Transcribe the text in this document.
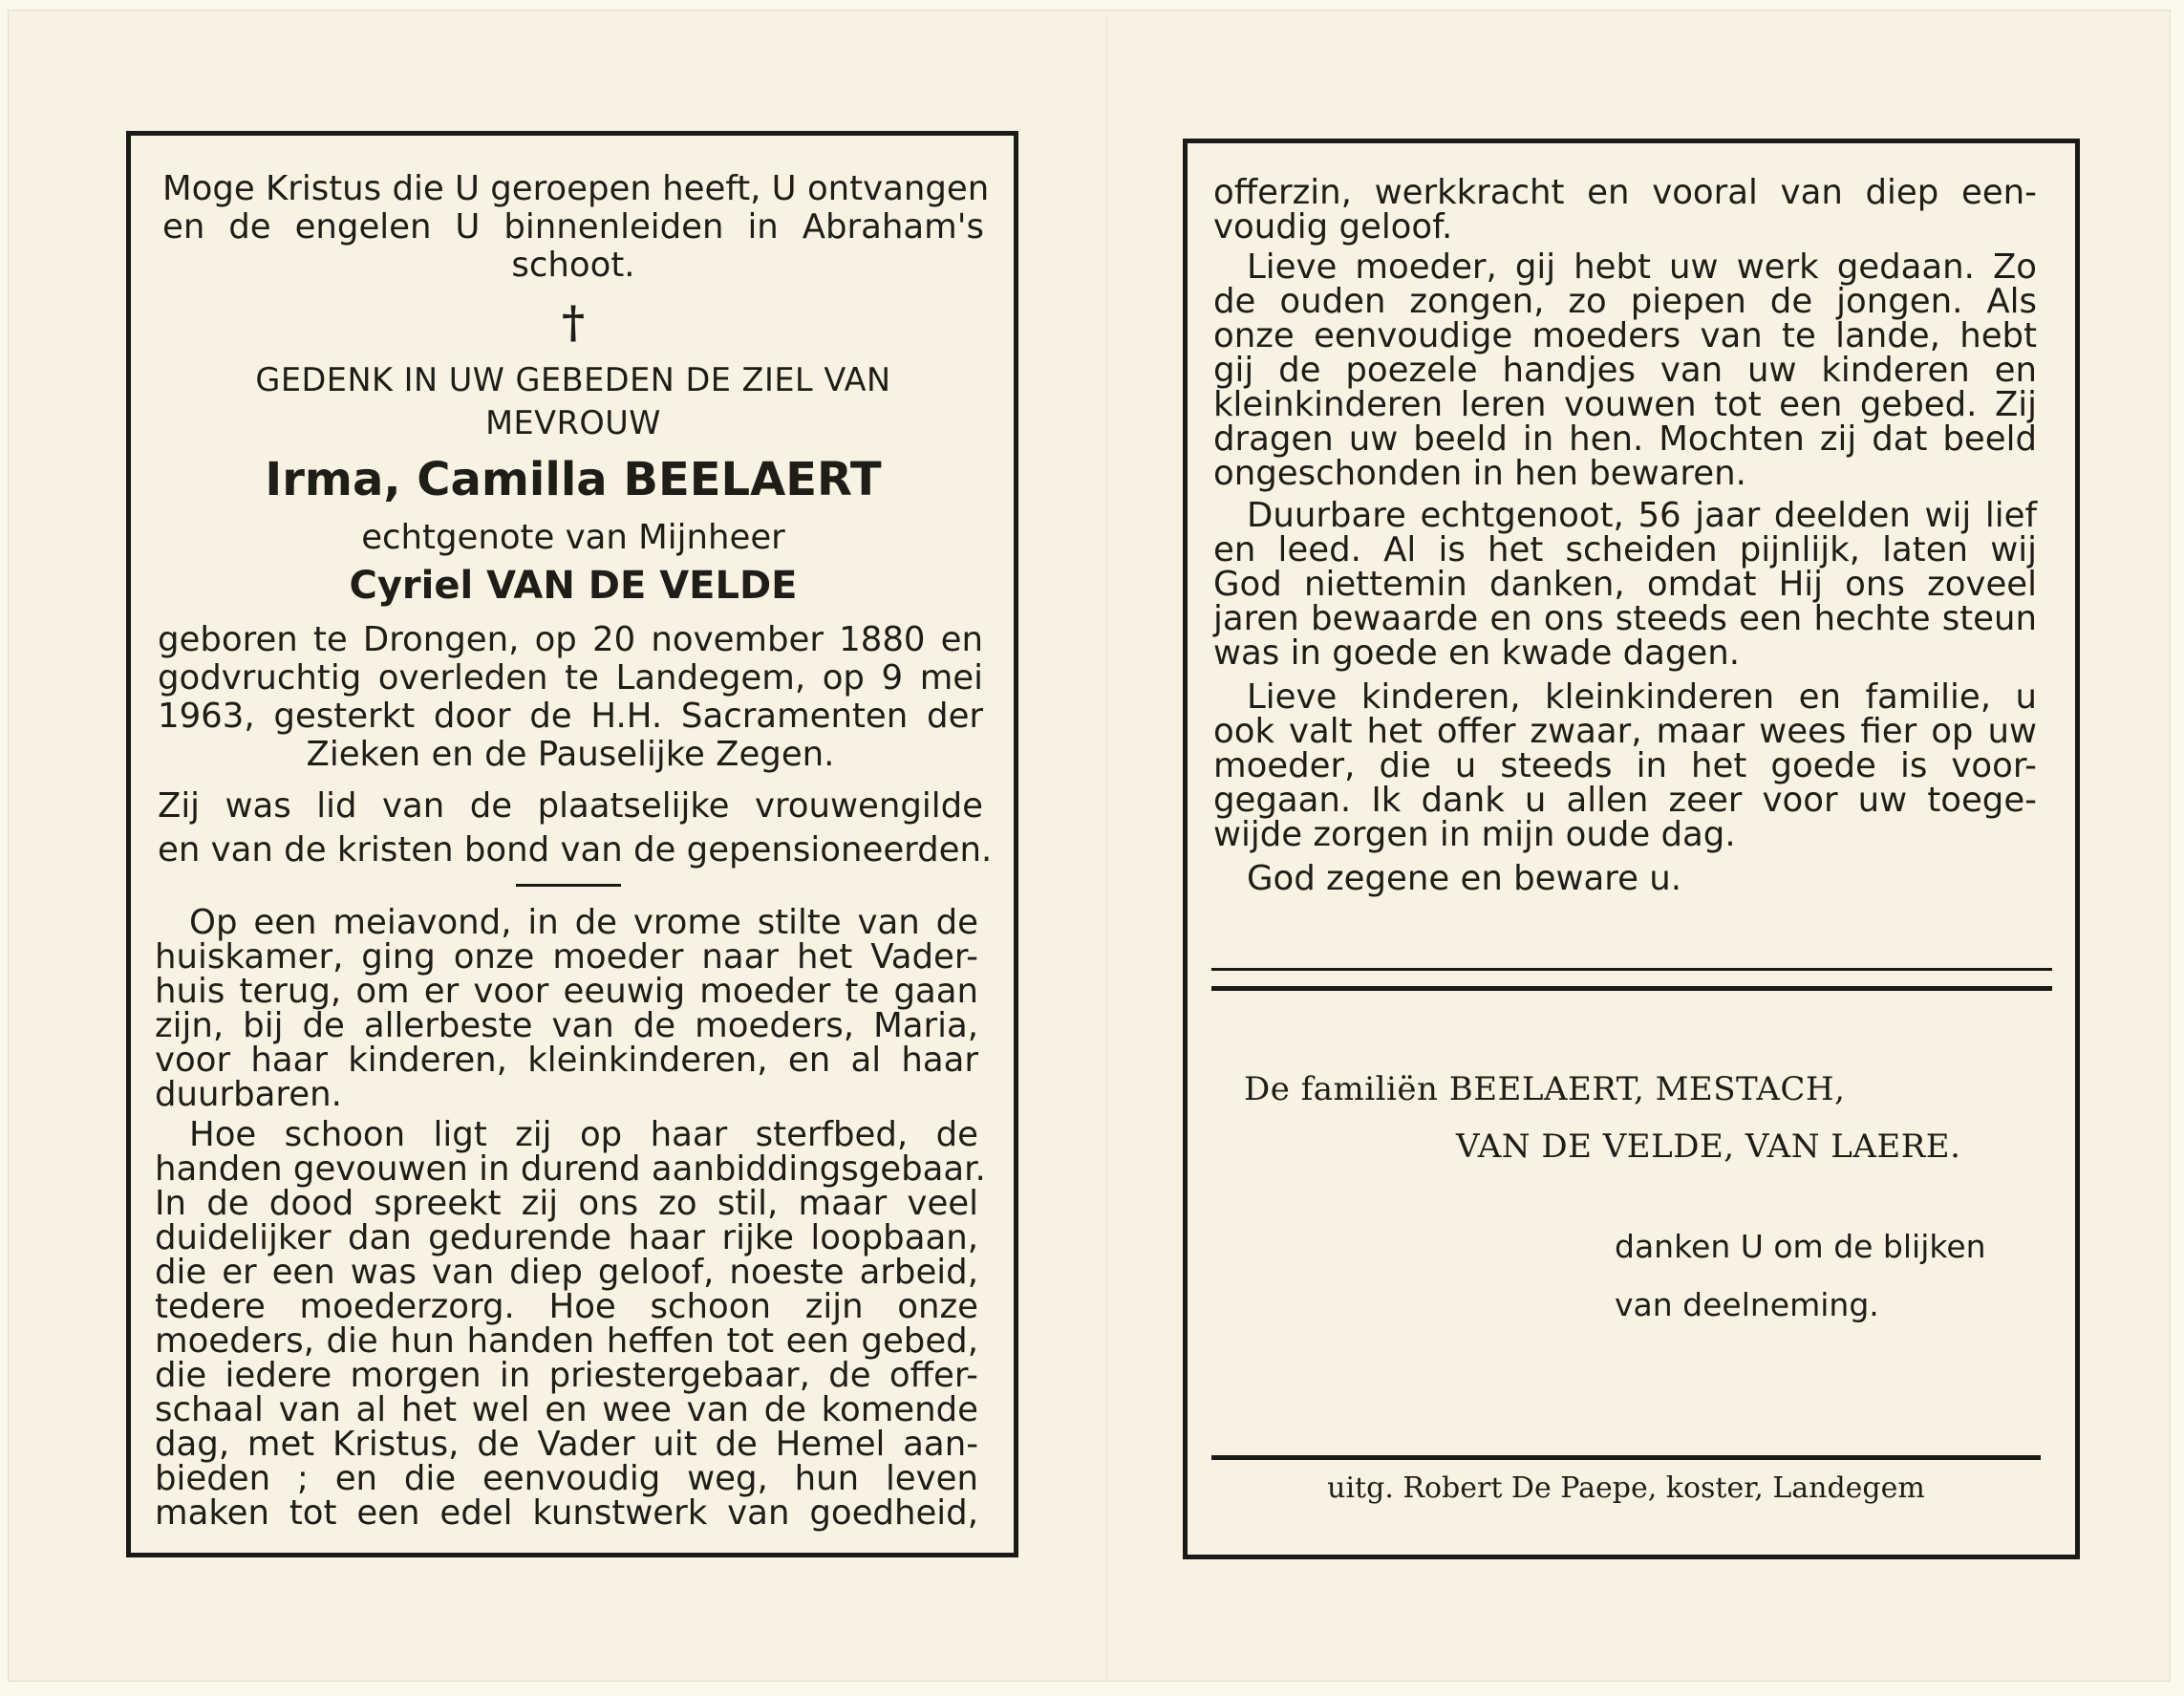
Moge Kristus die U geroepen heeft, U ontvangen
en de engelen U binnenleiden in Abraham's
schoot.
†
GEDENK IN UW GEBEDEN DE ZIEL VAN
MEVROUW
Irma, Camilla BEELAERT
echtgenote van Mijnheer
Cyriel VAN DE VELDE
geboren te Drongen, op 20 november 1880 en
godvruchtig overleden te Landegem, op 9 mei
1963, gesterkt door de H.H. Sacramenten der
Zieken en de Pauselijke Zegen.
Zij was lid van de plaatselijke vrouwengilde
en van de kristen bond van de gepensioneerden.
Op een meiavond, in de vrome stilte van de
huiskamer, ging onze moeder naar het Vader-
huis terug, om er voor eeuwig moeder te gaan
zijn, bij de allerbeste van de moeders, Maria,
voor haar kinderen, kleinkinderen, en al haar
duurbaren.
Hoe schoon ligt zij op haar sterfbed, de
handen gevouwen in durend aanbiddingsgebaar.
In de dood spreekt zij ons zo stil, maar veel
duidelijker dan gedurende haar rijke loopbaan,
die er een was van diep geloof, noeste arbeid,
tedere moederzorg. Hoe schoon zijn onze
moeders, die hun handen heffen tot een gebed,
die iedere morgen in priestergebaar, de offer-
schaal van al het wel en wee van de komende
dag, met Kristus, de Vader uit de Hemel aan-
bieden ; en die eenvoudig weg, hun leven
maken tot een edel kunstwerk van goedheid,
offerzin, werkkracht en vooral van diep een-
voudig geloof.
Lieve moeder, gij hebt uw werk gedaan. Zo
de ouden zongen, zo piepen de jongen. Als
onze eenvoudige moeders van te lande, hebt
gij de poezele handjes van uw kinderen en
kleinkinderen leren vouwen tot een gebed. Zij
dragen uw beeld in hen. Mochten zij dat beeld
ongeschonden in hen bewaren.
Duurbare echtgenoot, 56 jaar deelden wij lief
en leed. Al is het scheiden pijnlijk, laten wij
God niettemin danken, omdat Hij ons zoveel
jaren bewaarde en ons steeds een hechte steun
was in goede en kwade dagen.
Lieve kinderen, kleinkinderen en familie, u
ook valt het offer zwaar, maar wees fier op uw
moeder, die u steeds in het goede is voor-
gegaan. Ik dank u allen zeer voor uw toege-
wijde zorgen in mijn oude dag.
God zegene en beware u.
De familiën BEELAERT, MESTACH,
VAN DE VELDE, VAN LAERE.
danken U om de blijken
van deelneming.
uitg. Robert De Paepe, koster, Landegem
